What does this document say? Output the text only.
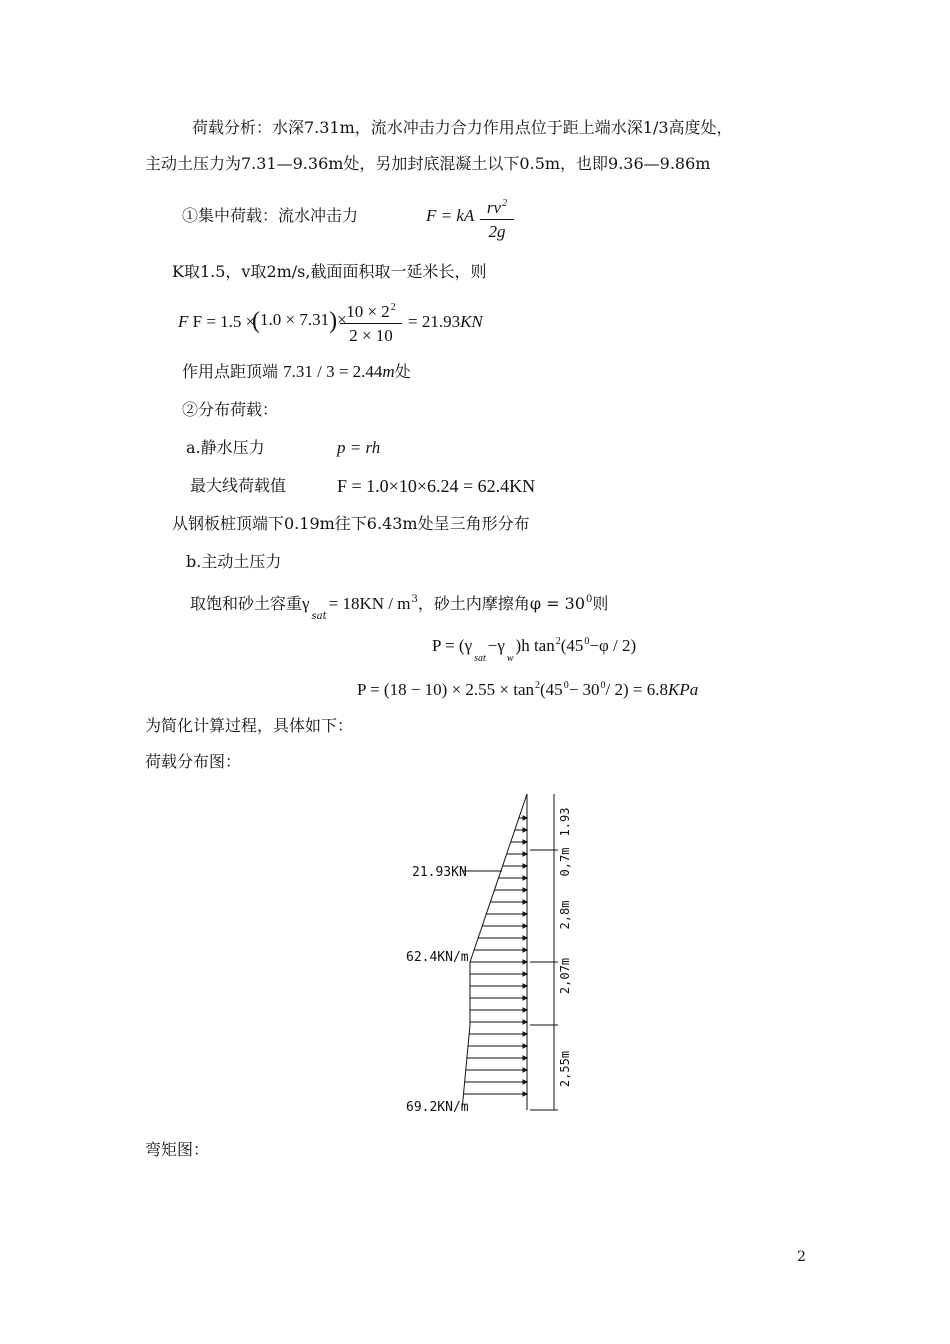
荷载分析：水深7.31m，流水冲击力合力作用点位于距上端水深1/3高度处，
主动土压力为7.31—9.36m处，另加封底混凝土以下0.5m，也即9.36—9.86m
①集中荷载：流水冲击力	F = kA $rv^2$
2g
K取1.5，v取2m/s,截面面积取一延米长，则
F F = 1.5 ×
$(1.0 \times 7.31)\times 10 \times 2^2$
2 × 10
= 21.93KN
作用点距顶端 7.31 / 3 = 2.44m处
②分布荷载：
a.静水压力	p = rh
最大线荷载值	F = 1.0×10×6.24 = 62.4KN
从钢板桩顶端下0.19m往下6.43m处呈三角形分布
b.主动土压力
取饱和砂土容重$\gamma_{sat}= 18KN / m^3$，砂土内摩擦角$\varphi = 30^0$则
$P = (\gamma_{sat}-\gamma_w)h$ $\tan^2(45^0-\varphi / 2)$
$P = (18 - 10) \times 2.55 \times \tan^2(45^0- 30^0/$ 2) = 6.8KPa
为简化计算过程，具体如下：
荷载分布图：
21.93KN
62.4KN/m
69.2KN/m
1.93
0,7m
2,8m
2,07m
2,55m
弯矩图：
2
